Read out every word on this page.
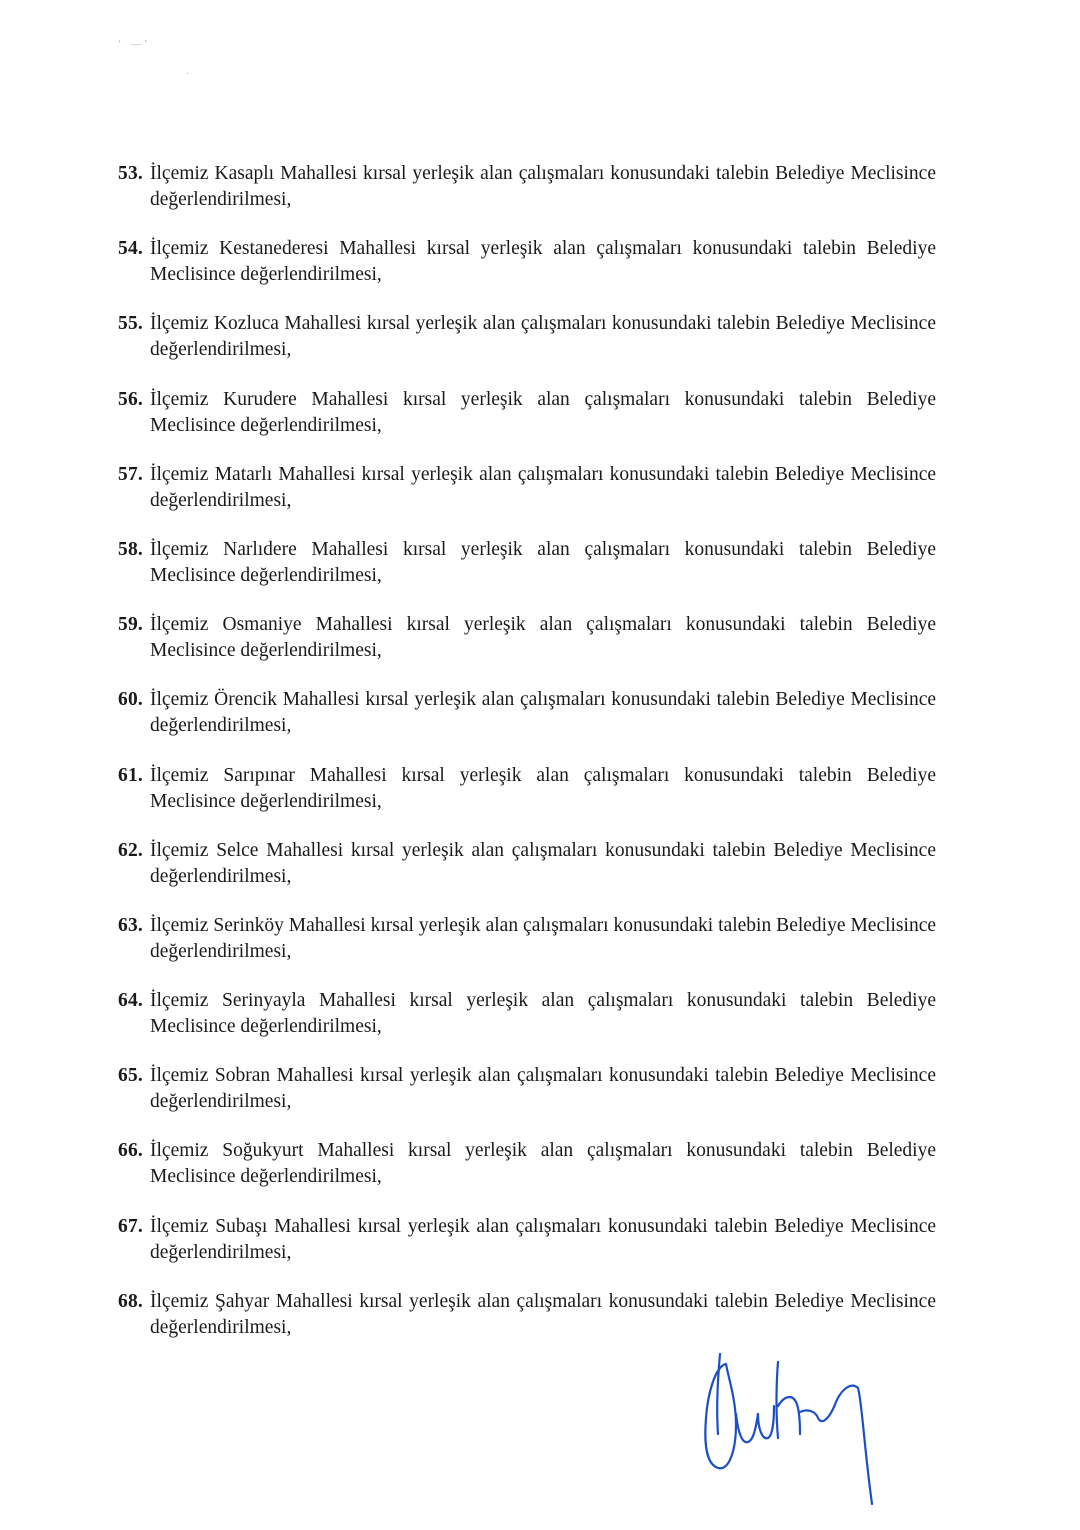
‘    — ’
·
53. İlçemiz Kasaplı Mahallesi kırsal yerleşik alan çalışmaları konusundaki talebin Belediye Meclisince değerlendirilmesi,
54. İlçemiz Kestanederesi Mahallesi kırsal yerleşik alan çalışmaları konusundaki talebin Belediye Meclisince değerlendirilmesi,
55. İlçemiz Kozluca Mahallesi kırsal yerleşik alan çalışmaları konusundaki talebin Belediye Meclisince değerlendirilmesi,
56. İlçemiz Kurudere Mahallesi kırsal yerleşik alan çalışmaları konusundaki talebin Belediye Meclisince değerlendirilmesi,
57. İlçemiz Matarlı Mahallesi kırsal yerleşik alan çalışmaları konusundaki talebin Belediye Meclisince değerlendirilmesi,
58. İlçemiz Narlıdere Mahallesi kırsal yerleşik alan çalışmaları konusundaki talebin Belediye Meclisince değerlendirilmesi,
59. İlçemiz Osmaniye Mahallesi kırsal yerleşik alan çalışmaları konusundaki talebin Belediye Meclisince değerlendirilmesi,
60. İlçemiz Örencik Mahallesi kırsal yerleşik alan çalışmaları konusundaki talebin Belediye Meclisince değerlendirilmesi,
61. İlçemiz Sarıpınar Mahallesi kırsal yerleşik alan çalışmaları konusundaki talebin Belediye Meclisince değerlendirilmesi,
62. İlçemiz Selce Mahallesi kırsal yerleşik alan çalışmaları konusundaki talebin Belediye Meclisince değerlendirilmesi,
63. İlçemiz Serinköy Mahallesi kırsal yerleşik alan çalışmaları konusundaki talebin Belediye Meclisince değerlendirilmesi,
64. İlçemiz Serinyayla Mahallesi kırsal yerleşik alan çalışmaları konusundaki talebin Belediye Meclisince değerlendirilmesi,
65. İlçemiz Sobran Mahallesi kırsal yerleşik alan çalışmaları konusundaki talebin Belediye Meclisince değerlendirilmesi,
66. İlçemiz Soğukyurt Mahallesi kırsal yerleşik alan çalışmaları konusundaki talebin Belediye Meclisince değerlendirilmesi,
67. İlçemiz Subaşı Mahallesi kırsal yerleşik alan çalışmaları konusundaki talebin Belediye Meclisince değerlendirilmesi,
68. İlçemiz Şahyar Mahallesi kırsal yerleşik alan çalışmaları konusundaki talebin Belediye Meclisince değerlendirilmesi,
